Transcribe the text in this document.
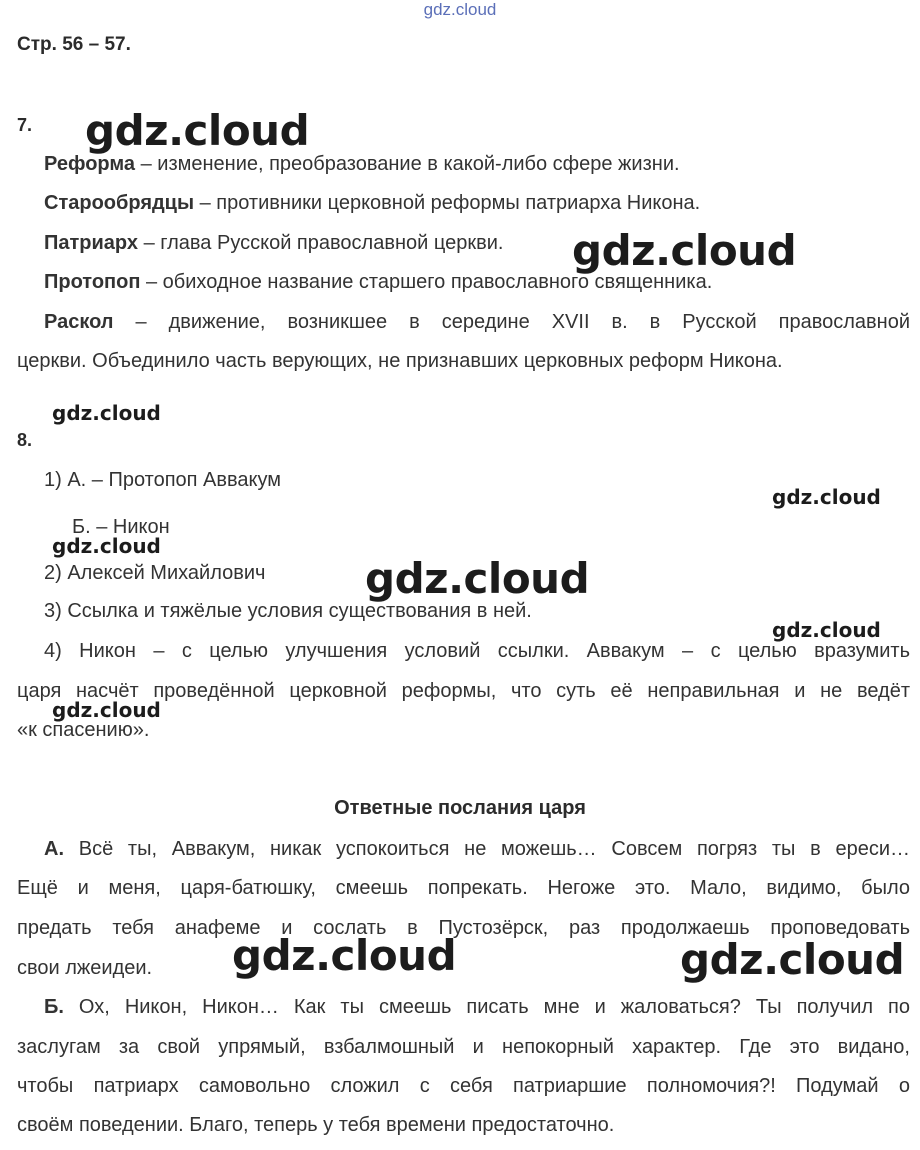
gdz.cloud
Стр. 56 – 57.
7.
Реформа – изменение, преобразование в какой-либо сфере жизни.
Старообрядцы – противники церковной реформы патриарха Никона.
Патриарх – глава Русской православной церкви.
Протопоп – обиходное название старшего православного священника.
Раскол – движение, возникшее в середине XVII в. в Русской православной
церкви. Объединило часть верующих, не признавших церковных реформ Никона.
8.
1) А. – Протопоп Аввакум
Б. – Никон
2) Алексей Михайлович
3) Ссылка и тяжёлые условия существования в ней.
4) Никон – с целью улучшения условий ссылки. Аввакум – с целью вразумить
царя насчёт проведённой церковной реформы, что суть её неправильная и не ведёт
«к спасению».
Ответные послания царя
А. Всё ты, Аввакум, никак успокоиться не можешь… Совсем погряз ты в ереси…
Ещё и меня, царя-батюшку, смеешь попрекать. Негоже это. Мало, видимо, было
предать тебя анафеме и сослать в Пустозёрск, раз продолжаешь проповедовать
свои лжеидеи.
Б. Ох, Никон, Никон… Как ты смеешь писать мне и жаловаться? Ты получил по
заслугам за свой упрямый, взбалмошный и непокорный характер. Где это видано,
чтобы патриарх самовольно сложил с себя патриаршие полномочия?! Подумай о
своём поведении. Благо, теперь у тебя времени предостаточно.
gdz.cloud
gdz.cloud
gdz.cloud
gdz.cloud
gdz.cloud
gdz.cloud
gdz.cloud
gdz.cloud
gdz.cloud	gdz.cloud
